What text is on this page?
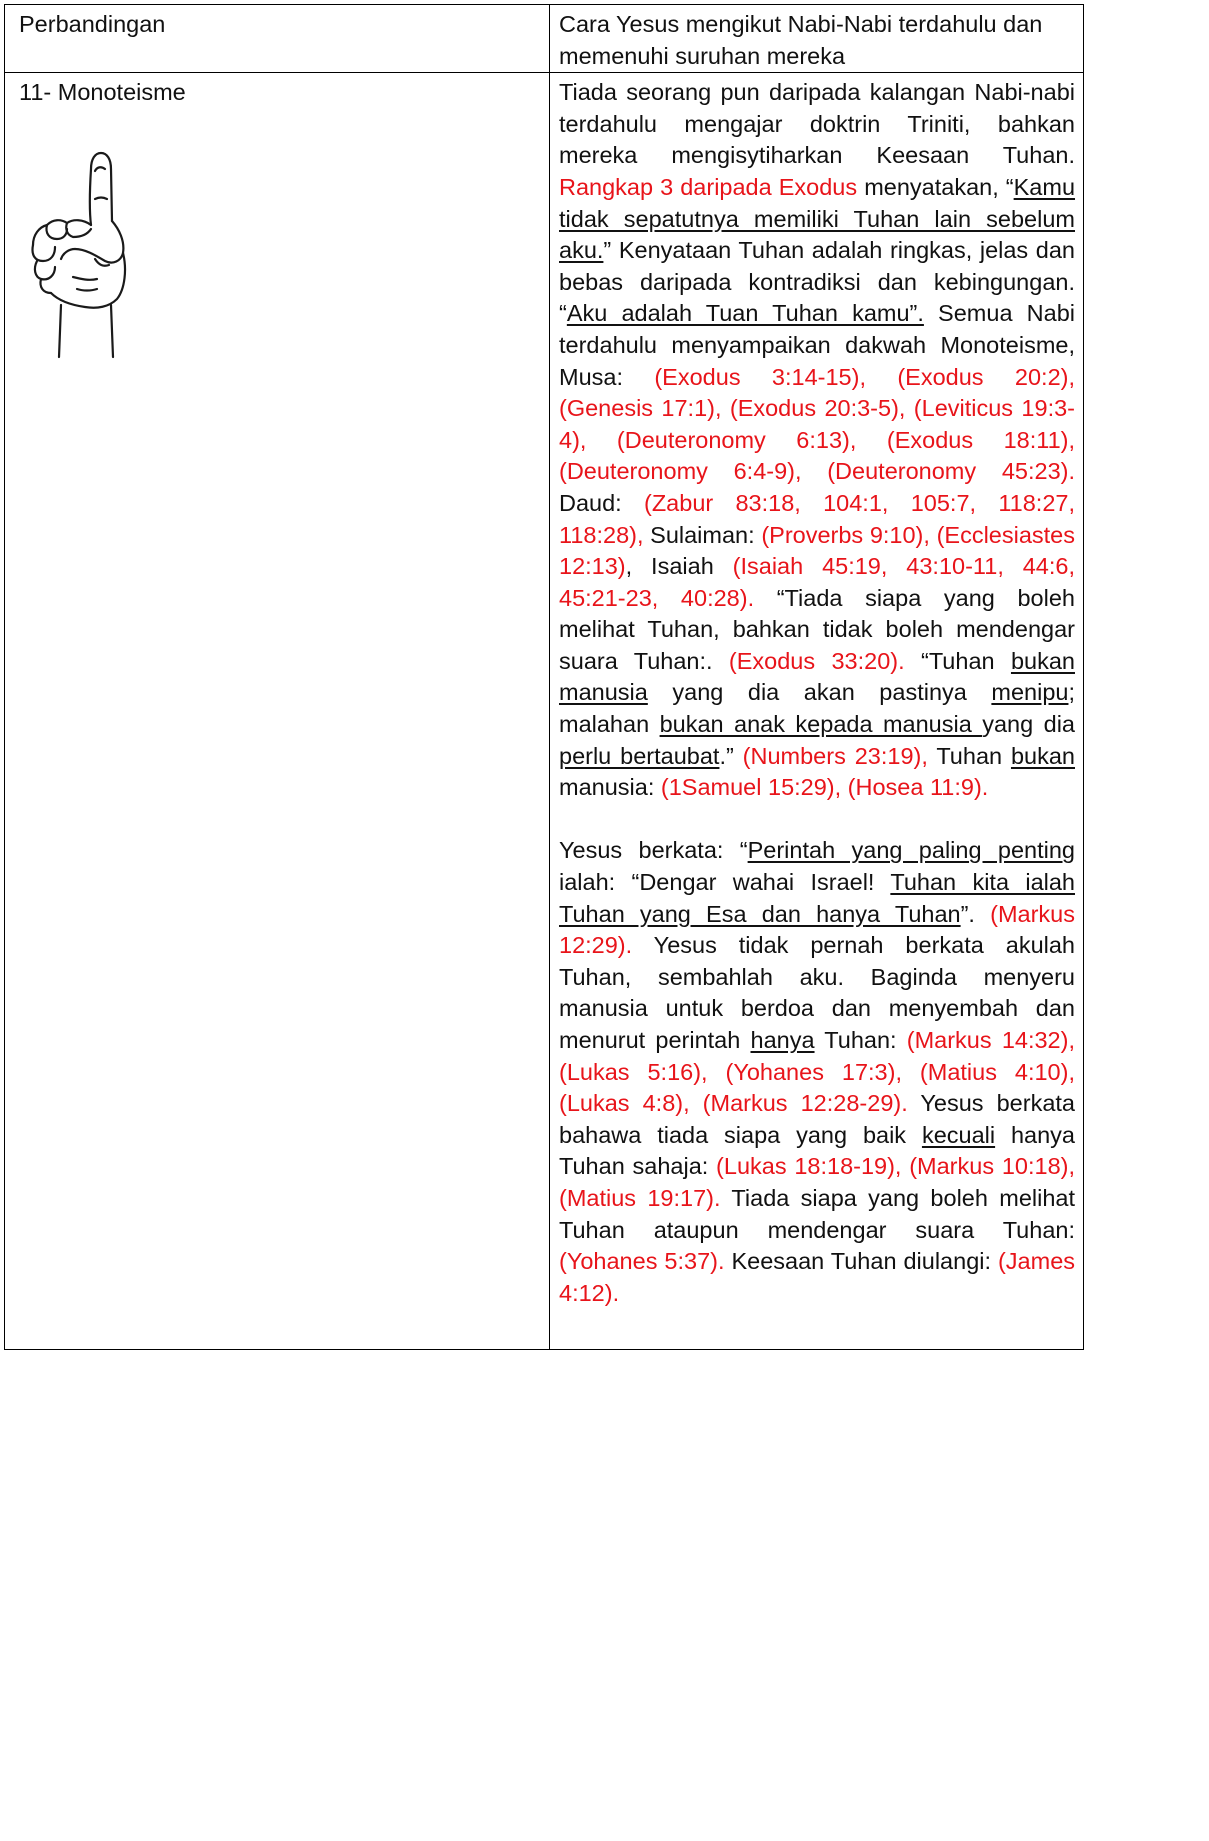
Perbandingan	Cara Yesus mengikut Nabi-Nabi terdahulu dan memenuhi suruhan mereka

11- Monoteisme	Tiada seorang pun daripada kalangan Nabi-nabi terdahulu mengajar doktrin Triniti, bahkan mereka mengisytiharkan Keesaan Tuhan. Rangkap 3 daripada Exodus menyatakan, “Kamu tidak sepatutnya memiliki Tuhan lain sebelum aku.” Kenyataan Tuhan adalah ringkas, jelas dan bebas daripada kontradiksi dan kebingungan. “Aku adalah Tuan Tuhan kamu”. Semua Nabi terdahulu menyampaikan dakwah Monoteisme, Musa: (Exodus 3:14-15), (Exodus 20:2), (Genesis 17:1), (Exodus 20:3-5), (Leviticus 19:3-4), (Deuteronomy 6:13), (Exodus 18:11), (Deuteronomy 6:4-9), (Deuteronomy 45:23). Daud: (Zabur 83:18, 104:1, 105:7, 118:27, 118:28), Sulaiman: (Proverbs 9:10), (Ecclesiastes 12:13), Isaiah (Isaiah 45:19, 43:10-11, 44:6, 45:21-23, 40:28). “Tiada siapa yang boleh melihat Tuhan, bahkan tidak boleh mendengar suara Tuhan:. (Exodus 33:20). “Tuhan bukan manusia yang dia akan pastinya menipu; malahan bukan anak kepada manusia yang dia perlu bertaubat.” (Numbers 23:19), Tuhan bukan manusia: (1Samuel 15:29), (Hosea 11:9).
Yesus berkata: “Perintah yang paling penting ialah: “Dengar wahai Israel! Tuhan kita ialah Tuhan yang Esa dan hanya Tuhan”. (Markus 12:29). Yesus tidak pernah berkata akulah Tuhan, sembahlah aku. Baginda menyeru manusia untuk berdoa dan menyembah dan menurut perintah hanya Tuhan: (Markus 14:32), (Lukas 5:16), (Yohanes 17:3), (Matius 4:10), (Lukas 4:8), (Markus 12:28-29). Yesus berkata bahawa tiada siapa yang baik kecuali hanya Tuhan sahaja: (Lukas 18:18-19), (Markus 10:18), (Matius 19:17). Tiada siapa yang boleh melihat Tuhan ataupun mendengar suara Tuhan: (Yohanes 5:37). Keesaan Tuhan diulangi: (James 4:12).
